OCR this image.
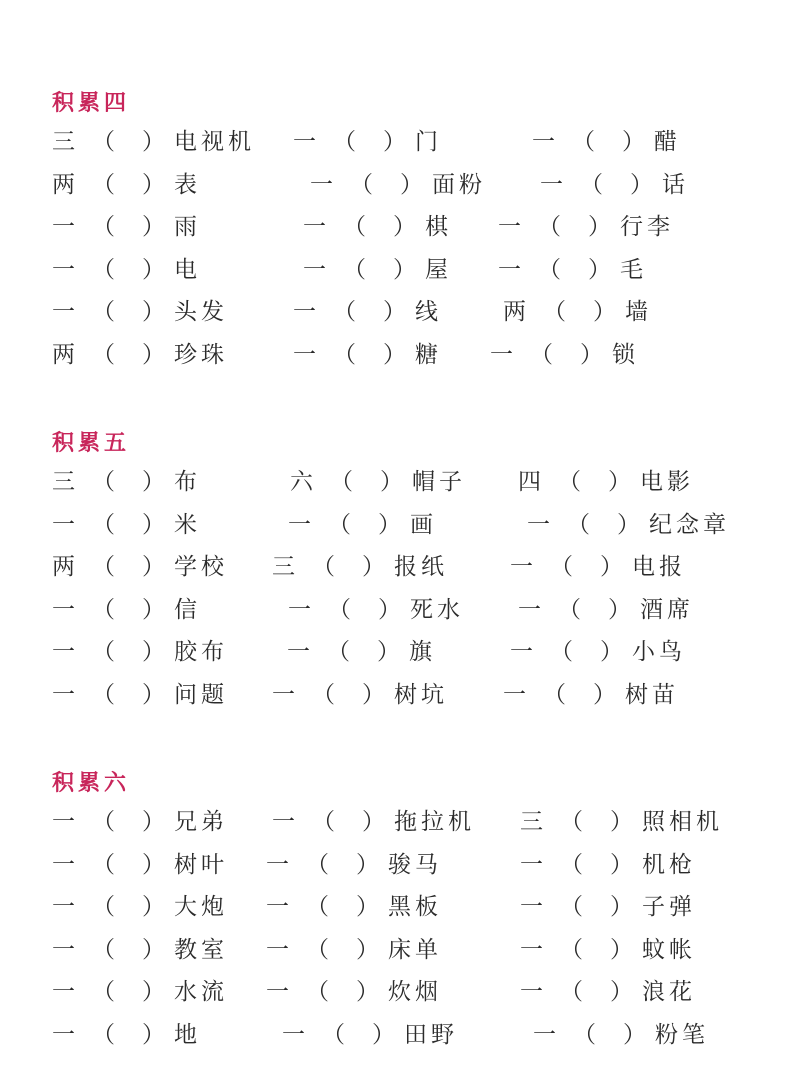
积累四
三 （ ） 电视机 一 （ ） 门	一 （ ） 醋
两 （ ） 表	一 （ ） 面粉 一 （ ） 话
一 （ ） 雨	一 （ ） 棋 一 （ ） 行李
一 （ ） 电	一 （ ） 屋 一 （ ） 毛
一 （ ） 头发	一 （ ） 线	两 （ ） 墙
两 （ ） 珍珠	一 （ ） 糖 一 （ ） 锁
积累五
三 （ ） 布	六 （ ） 帽子 四 （ ） 电影
一 （ ） 米	一 （ ） 画	一 （ ） 纪念章
两 （ ） 学校 三 （ ） 报纸	一 （ ） 电报
一 （ ） 信	一 （ ） 死水 一 （ ） 酒席
一 （ ） 胶布	一 （ ） 旗	一 （ ） 小鸟
一 （ ） 问题 一 （ ） 树坑 一 （ ） 树苗
积累六
一 （ ） 兄弟 一 （ ） 拖拉机 三 （ ） 照相机
一 （ ） 树叶 一 （ ） 骏马	一 （ ） 机枪
一 （ ） 大炮 一 （ ） 黑板	一 （ ） 子弹
一 （ ） 教室 一 （ ） 床单	一 （ ） 蚊帐
一 （ ） 水流 一 （ ） 炊烟	一 （ ） 浪花
一 （ ） 地	一 （ ） 田野	一 （ ） 粉笔
